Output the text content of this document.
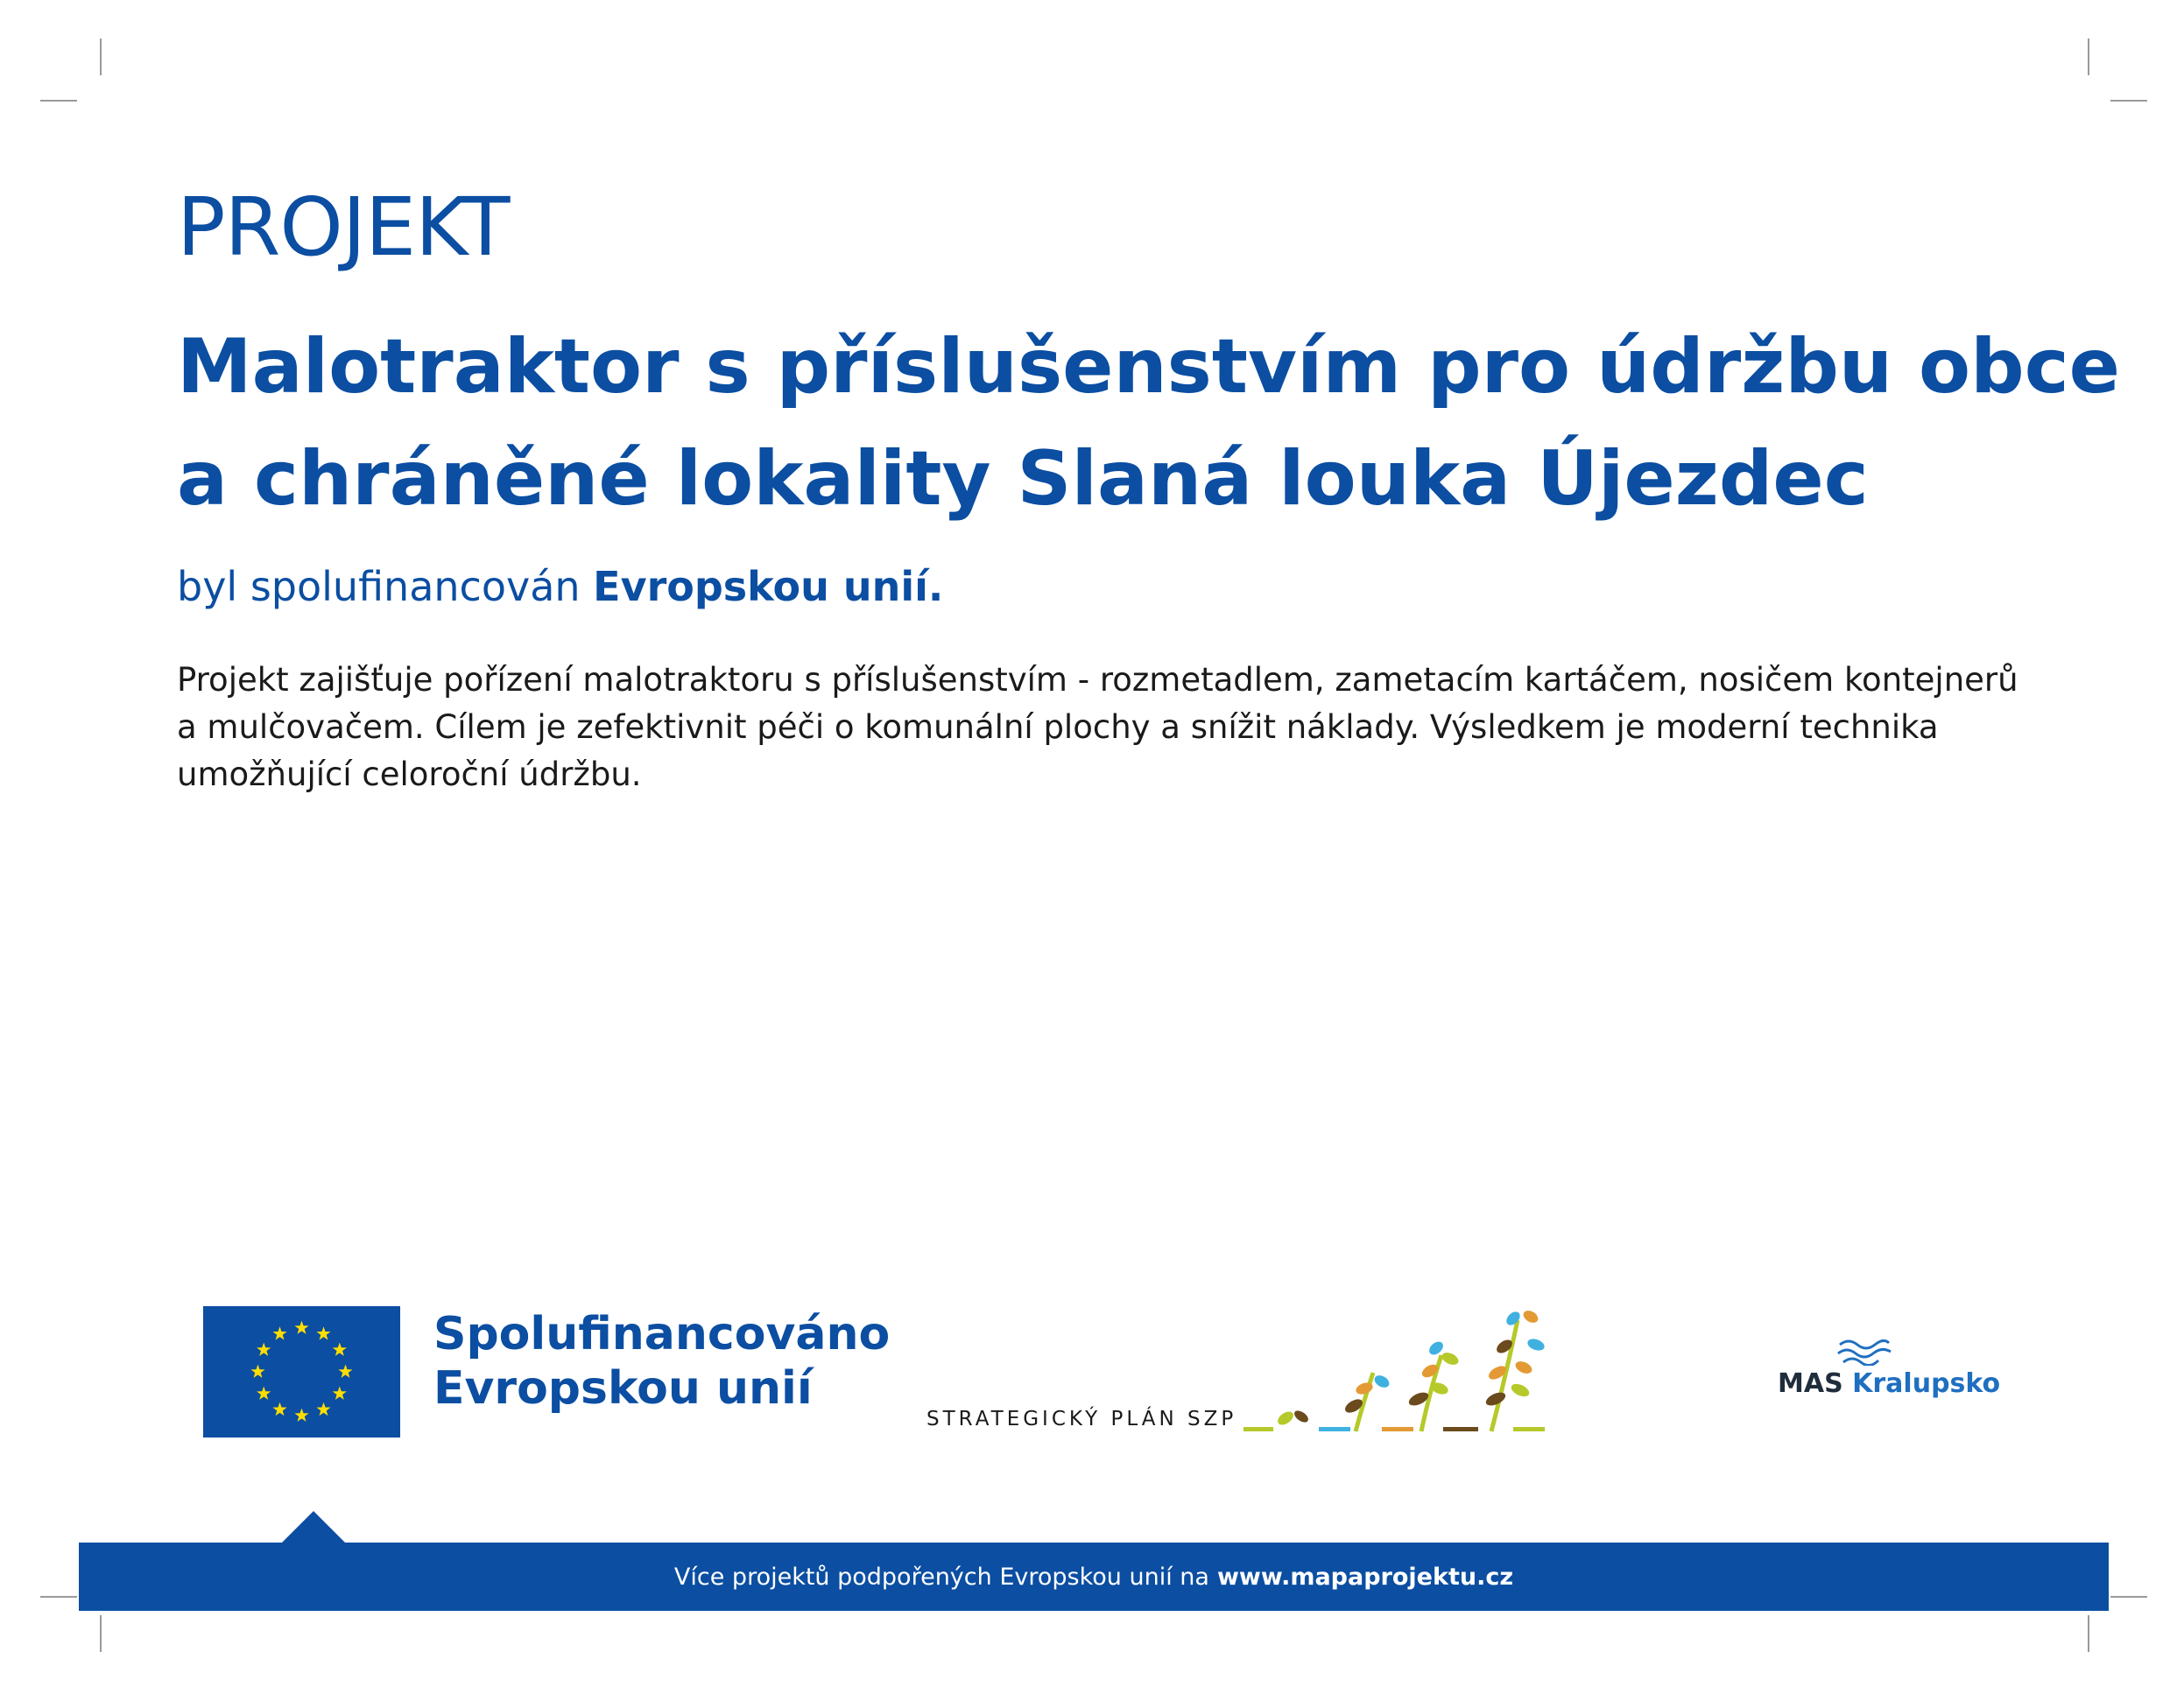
PROJEKT
Malotraktor s příslušenstvím pro údržbu obce
a chráněné lokality Slaná louka Újezdec
byl spolufinancován Evropskou unií.
Projekt zajišťuje pořízení malotraktoru s příslušenstvím - rozmetadlem, zametacím kartáčem, nosičem kontejnerů
a mulčovačem. Cílem je zefektivnit péči o komunální plochy a snížit náklady. Výsledkem je moderní technika
umožňující celoroční údržbu.
Spolufinancováno
Evropskou unií
STRATEGICKÝ PLÁN SZP
MAS Kralupsko
Více projektů podpořených Evropskou unií na www.mapaprojektu.cz
